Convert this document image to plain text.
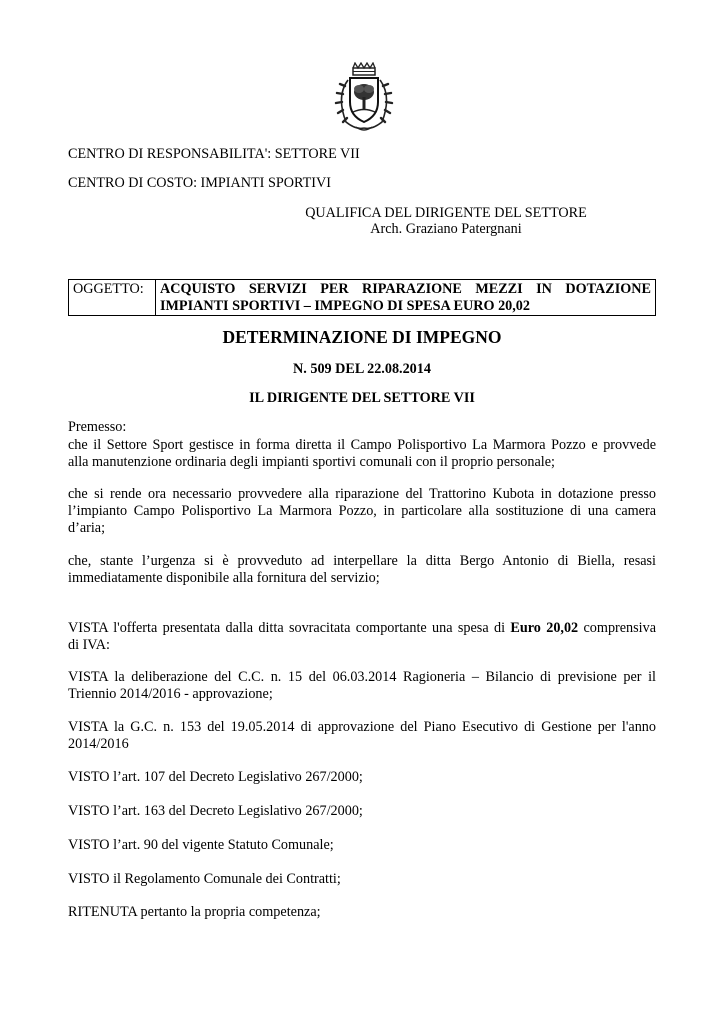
CENTRO DI RESPONSABILITA': SETTORE VII
CENTRO DI COSTO: IMPIANTI SPORTIVI
QUALIFICA DEL DIRIGENTE DEL SETTORE
Arch. Graziano Patergnani
OGGETTO:	ACQUISTO SERVIZI PER RIPARAZIONE MEZZI IN DOTAZIONE
IMPIANTI SPORTIVI – IMPEGNO DI SPESA EURO 20,02
DETERMINAZIONE DI IMPEGNO
N. 509 DEL 22.08.2014
IL DIRIGENTE DEL SETTORE VII
Premesso:
che il Settore Sport gestisce in forma diretta il Campo Polisportivo La Marmora Pozzo e provvede
alla manutenzione ordinaria degli impianti sportivi comunali con il proprio personale;
che si rende ora necessario provvedere alla riparazione del Trattorino Kubota in dotazione presso
l’impianto Campo Polisportivo La Marmora Pozzo, in particolare alla sostituzione di una camera
d’aria;
che, stante l’urgenza si è provveduto ad interpellare la ditta Bergo Antonio di Biella, resasi
immediatamente disponibile alla fornitura del servizio;
VISTA l'offerta presentata dalla ditta sovracitata comportante una spesa di Euro 20,02 comprensiva
di IVA:
VISTA la deliberazione del C.C. n. 15 del 06.03.2014 Ragioneria – Bilancio di previsione per il
Triennio 2014/2016 - approvazione;
VISTA la G.C. n. 153 del 19.05.2014 di approvazione del Piano Esecutivo di Gestione per l'anno
2014/2016
VISTO l’art. 107 del Decreto Legislativo 267/2000;
VISTO l’art. 163 del Decreto Legislativo 267/2000;
VISTO l’art. 90 del vigente Statuto Comunale;
VISTO il Regolamento Comunale dei Contratti;
RITENUTA pertanto la propria competenza;
